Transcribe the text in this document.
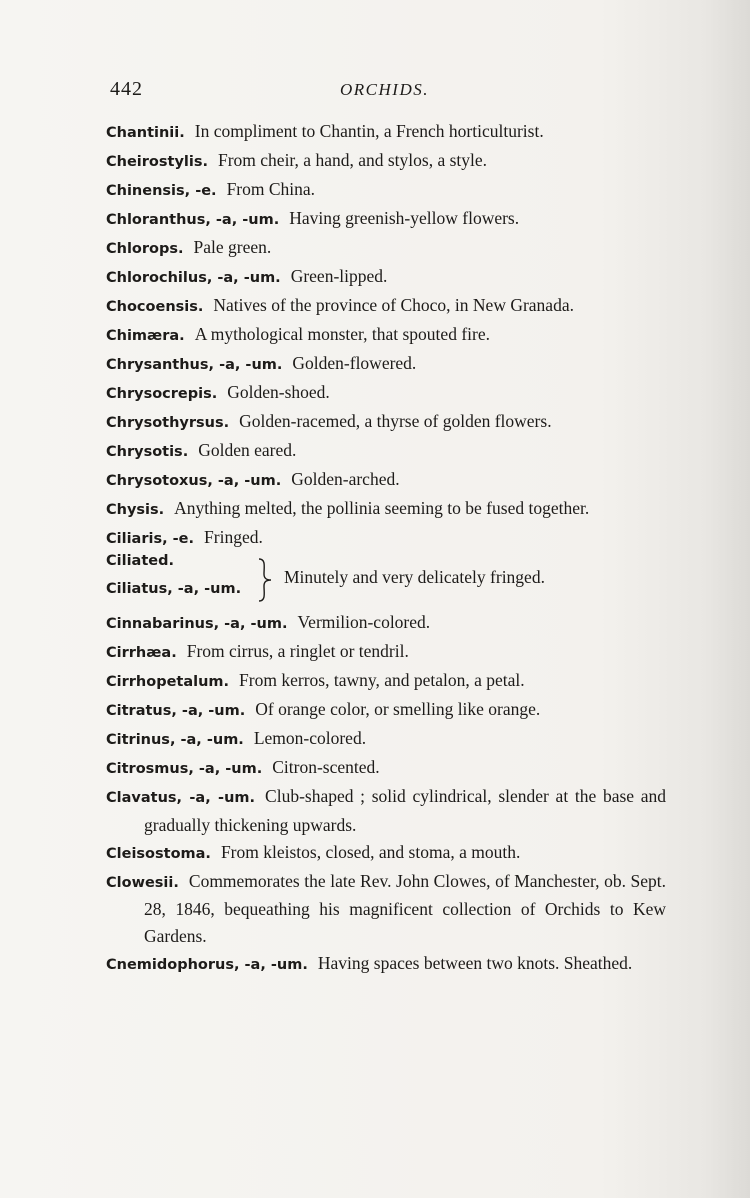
442	ORCHIDS.

Chantinii. In compliment to Chantin, a French horticulturist.

Cheirostylis. From cheir, a hand, and stylos, a style.

Chinensis, -e. From China.

Chloranthus, -a, -um. Having greenish-yellow flowers.

Chlorops. Pale green.

Chlorochilus, -a, -um. Green-lipped.

Chocoensis. Natives of the province of Choco, in New Granada.

Chimæra. A mythological monster, that spouted fire.

Chrysanthus, -a, -um. Golden-flowered.

Chrysocrepis. Golden-shoed.

Chrysothyrsus. Golden-racemed, a thyrse of golden flowers.

Chrysotis. Golden eared.

Chrysotoxus, -a, -um. Golden-arched.

Chysis. Anything melted, the pollinia seeming to be fused together.

Ciliaris, -e. Fringed.

Ciliated.
Ciliatus, -a, -um.
Minutely and very delicately fringed.

Cinnabarinus, -a, -um. Vermilion-colored.

Cirrhæa. From cirrus, a ringlet or tendril.

Cirrhopetalum. From kerros, tawny, and petalon, a petal.

Citratus, -a, -um. Of orange color, or smelling like orange.

Citrinus, -a, -um. Lemon-colored.

Citrosmus, -a, -um. Citron-scented.

Clavatus, -a, -um. Club-shaped ; solid cylindrical, slender at the base and gradually thickening upwards.

Cleisostoma. From kleistos, closed, and stoma, a mouth.

Clowesii. Commemorates the late Rev. John Clowes, of Manchester, ob. Sept. 28, 1846, bequeathing his magnificent collection of Orchids to Kew Gardens.

Cnemidophorus, -a, -um. Having spaces between two knots. Sheathed.
